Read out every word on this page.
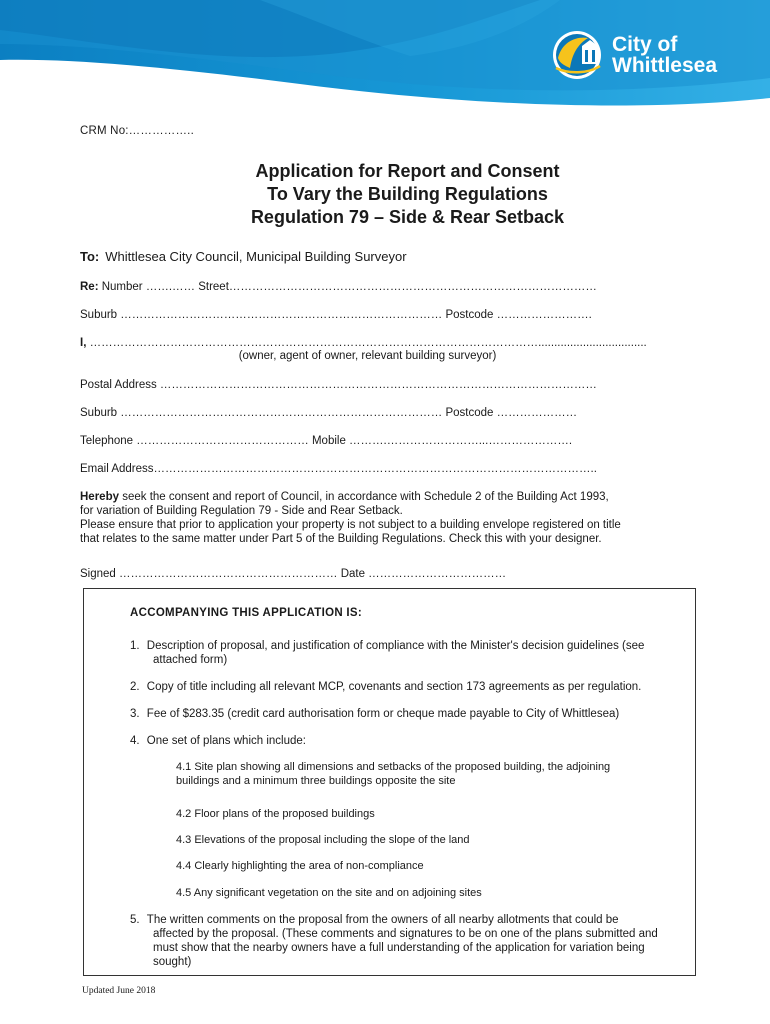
City of
Whittlesea
CRM No:……………..
Application for Report and Consent
To Vary the Building Regulations
Regulation 79 – Side & Rear Setback
To: Whittlesea City Council, Municipal Building Surveyor
Re: Number …….…… Street……………………………………………………………………………………
Suburb ………………………………………………………………………… Postcode …………………….
I, ………………………………………………………………………………………………………..................................
(owner, agent of owner, relevant building surveyor)
Postal Address ……………………………………………………………………………………………………
Suburb ………………………………………………………………………… Postcode …………………
Telephone ……………………………………… Mobile ……….……………………...………………….
Email Address……………………………………………………………………………………………………..
Hereby seek the consent and report of Council, in accordance with Schedule 2 of the Building Act 1993,
for variation of Building Regulation 79 - Side and Rear Setback.
Please ensure that prior to application your property is not subject to a building envelope registered on title
that relates to the same matter under Part 5 of the Building Regulations. Check this with your designer.
Signed ………………………………………………… Date ………………………………
ACCOMPANYING THIS APPLICATION IS:
1. Description of proposal, and justification of compliance with the Minister's decision guidelines (see
attached form)
2. Copy of title including all relevant MCP, covenants and section 173 agreements as per regulation.
3. Fee of $283.35 (credit card authorisation form or cheque made payable to City of Whittlesea)
4. One set of plans which include:
4.1 Site plan showing all dimensions and setbacks of the proposed building, the adjoining
buildings and a minimum three buildings opposite the site
4.2 Floor plans of the proposed buildings
4.3 Elevations of the proposal including the slope of the land
4.4 Clearly highlighting the area of non-compliance
4.5 Any significant vegetation on the site and on adjoining sites
5. The written comments on the proposal from the owners of all nearby allotments that could be
affected by the proposal. (These comments and signatures to be on one of the plans submitted and
must show that the nearby owners have a full understanding of the application for variation being
sought)
Updated June 2018
